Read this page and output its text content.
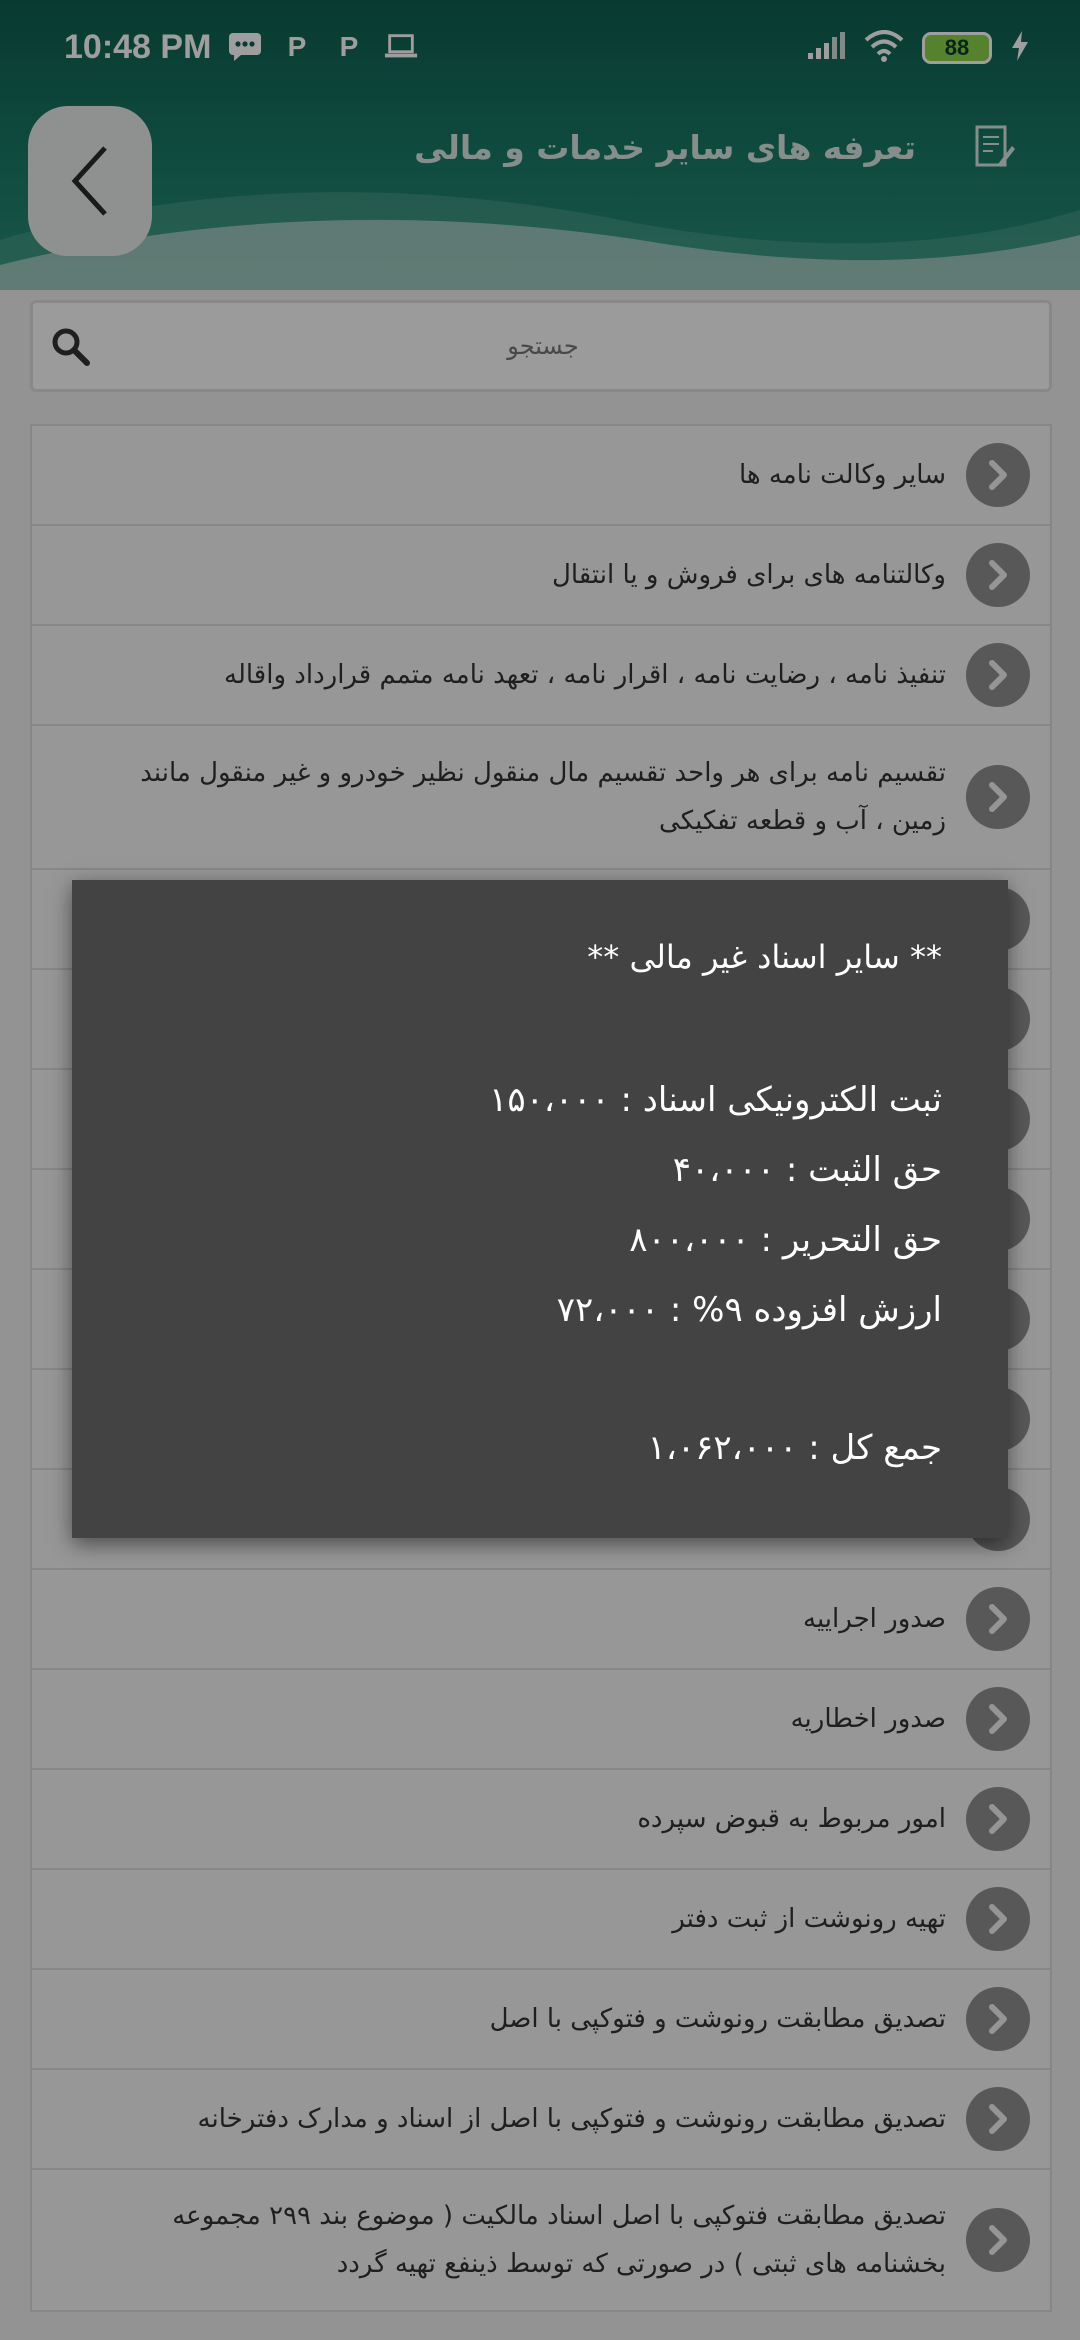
10:48 PM	P P	88
تعرفه های سایر خدمات و مالی
جستجو
سایر وکالت نامه ها
وکالتنامه های برای فروش و یا انتقال
تنفیذ نامه ، رضایت نامه ، اقرار نامه ، تعهد نامه متمم قرارداد واقاله
تقسیم نامه برای هر واحد تقسیم مال منقول نظیر خودرو و غیر منقول مانند زمین ، آب و قطعه تفکیکی
صدور اجراییه
صدور اخطاریه
امور مربوط به قبوض سپرده
تهیه رونوشت از ثبت دفتر
تصدیق مطابقت رونوشت و فتوکپی با اصل
تصدیق مطابقت رونوشت و فتوکپی با اصل از اسناد و مدارک دفترخانه
تصدیق مطابقت فتوکپی با اصل اسناد مالکیت ( موضوع بند ۲۹۹ مجموعه بخشنامه های ثبتی ) در صورتی که توسط ذینفع تهیه گردد
** سایر اسناد غیر مالی **
ثبت الکترونیکی اسناد : ۱۵۰،۰۰۰
حق الثبت : ۴۰،۰۰۰
حق التحریر : ۸۰۰،۰۰۰
ارزش افزوده ۹% : ۷۲،۰۰۰
جمع کل : ۱،۰۶۲،۰۰۰
